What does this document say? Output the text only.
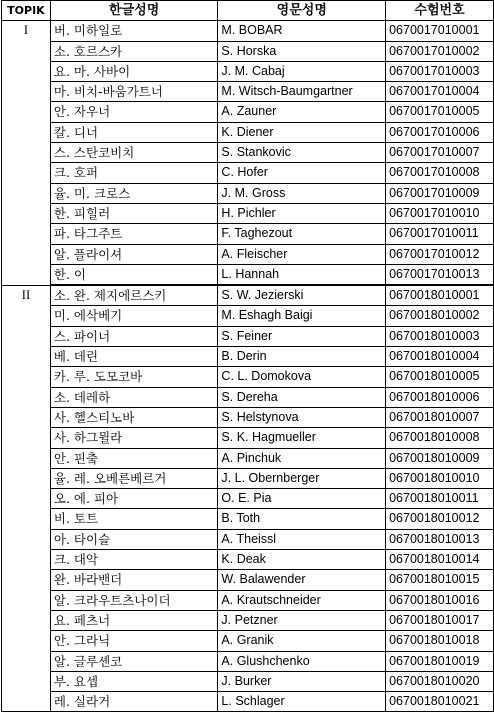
TOPIK	한글성명	영문성명	수험번호
I	버. 미하일로	M. BOBAR	0670017010001
	소. 호르스카	S. Horska	0670017010002
	요. 마. 사바이	J. M. Cabaj	0670017010003
	마. 비치-바움가트너	M. Witsch-Baumgartner	0670017010004
	안. 자우너	A. Zauner	0670017010005
	칼. 디너	K. Diener	0670017010006
	스. 스탄코비치	S. Stankovic	0670017010007
	크. 호퍼	C. Hofer	0670017010008
	율. 미. 크로스	J. M. Gross	0670017010009
	한. 피힐러	H. Pichler	0670017010010
	파. 타그주트	F. Taghezout	0670017010011
	알. 플라이셔	A. Fleischer	0670017010012
	한. 이	L. Hannah	0670017010013
II	소. 완. 제지에르스키	S. W. Jezierski	0670018010001
	미. 에삭베기	M. Eshagh Baigi	0670018010002
	스. 파이너	S. Feiner	0670018010003
	베. 데린	B. Derin	0670018010004
	카. 루. 도모코바	C. L. Domokova	0670018010005
	소. 데레하	S. Dereha	0670018010006
	사. 헬스티노바	S. Helstynova	0670018010007
	사. 하그뮐라	S. K. Hagmueller	0670018010008
	안. 핀춬	A. Pinchuk	0670018010009
	율. 레. 오베른베르거	J. L. Obernberger	0670018010010
	오. 에. 피아	O. E. Pia	0670018010011
	비. 토트	B. Toth	0670018010012
	아. 타이슬	A. Theissl	0670018010013
	크. 대악	K. Deak	0670018010014
	완. 바라밴더	W. Balawender	0670018010015
	알. 크라우트츠나이더	A. Krautschneider	0670018010016
	요. 페츠너	J. Petzner	0670018010017
	안. 그라닉	A. Granik	0670018010018
	알. 글루셴코	A. Glushchenko	0670018010019
	부. 요셉	J. Burker	0670018010020
	레. 실라거	L. Schlager	0670018010021
